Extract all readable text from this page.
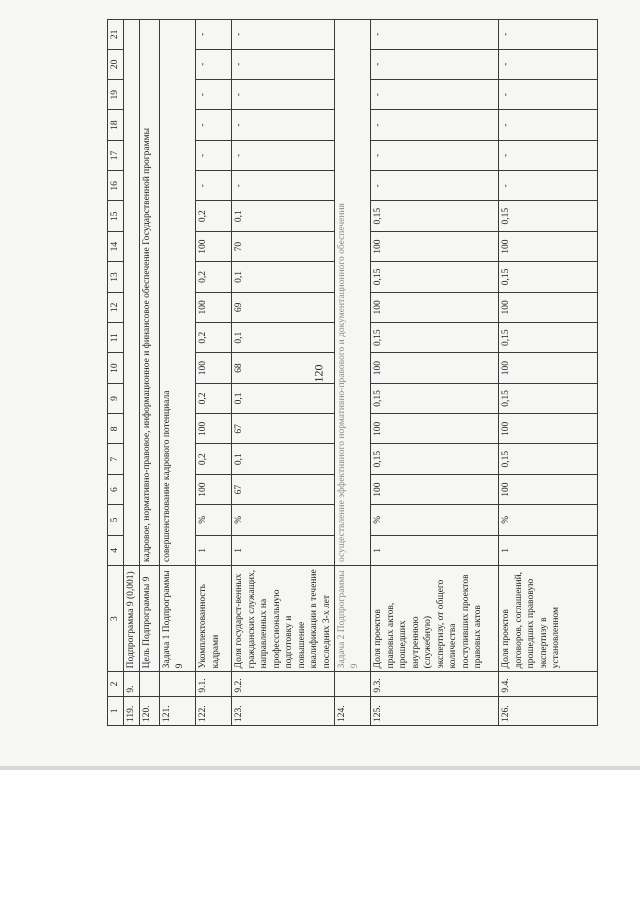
120
1	2	3	4	5	6	7	8	9	10	11	12	13	14	15	16	17	18	19	20	21
119.	9.	Подпрограмма 9 (0,001)																		
120.		Цель Подпрограммы 9	кадровое, нормативно-правовое, информационное и финансовое обеспечение Государственной программы																	
121.		Задача 1 Подпрограммы 9	совершенствование кадрового потенциала																	
122.	9.1.	Укомплектованность кадрами	1	%	100	0,2	100	0,2	100	0,2	100	0,2	100	0,2	-	-	-	-	-	-
123.	9.2.	Доля государст-венных гражданских служащих, направленных на профессиональную подготовку и повышение квалификации в течение последних 3-х лет	1	%	67	0,1	67	0,1	68	0,1	69	0,1	70	0,1	-	-	-	-	-	-
124.		Задача 2 Подпрограммы 9	осуществление эффективного нормативно-правового и документационного обеспечения																	
125.	9.3.	Доля проектов правовых актов, прошедших внутреннюю (служебную) экспертизу, от общего количества поступивших проектов правовых актов	1	%	100	0,15	100	0,15	100	0,15	100	0,15	100	0,15	-	-	-	-	-	-
126.	9.4.	Доля проектов договоров, соглашений, прошедших правовую экспертизу в установленном	1	%	100	0,15	100	0,15	100	0,15	100	0,15	100	0,15	-	-	-	-	-	-
